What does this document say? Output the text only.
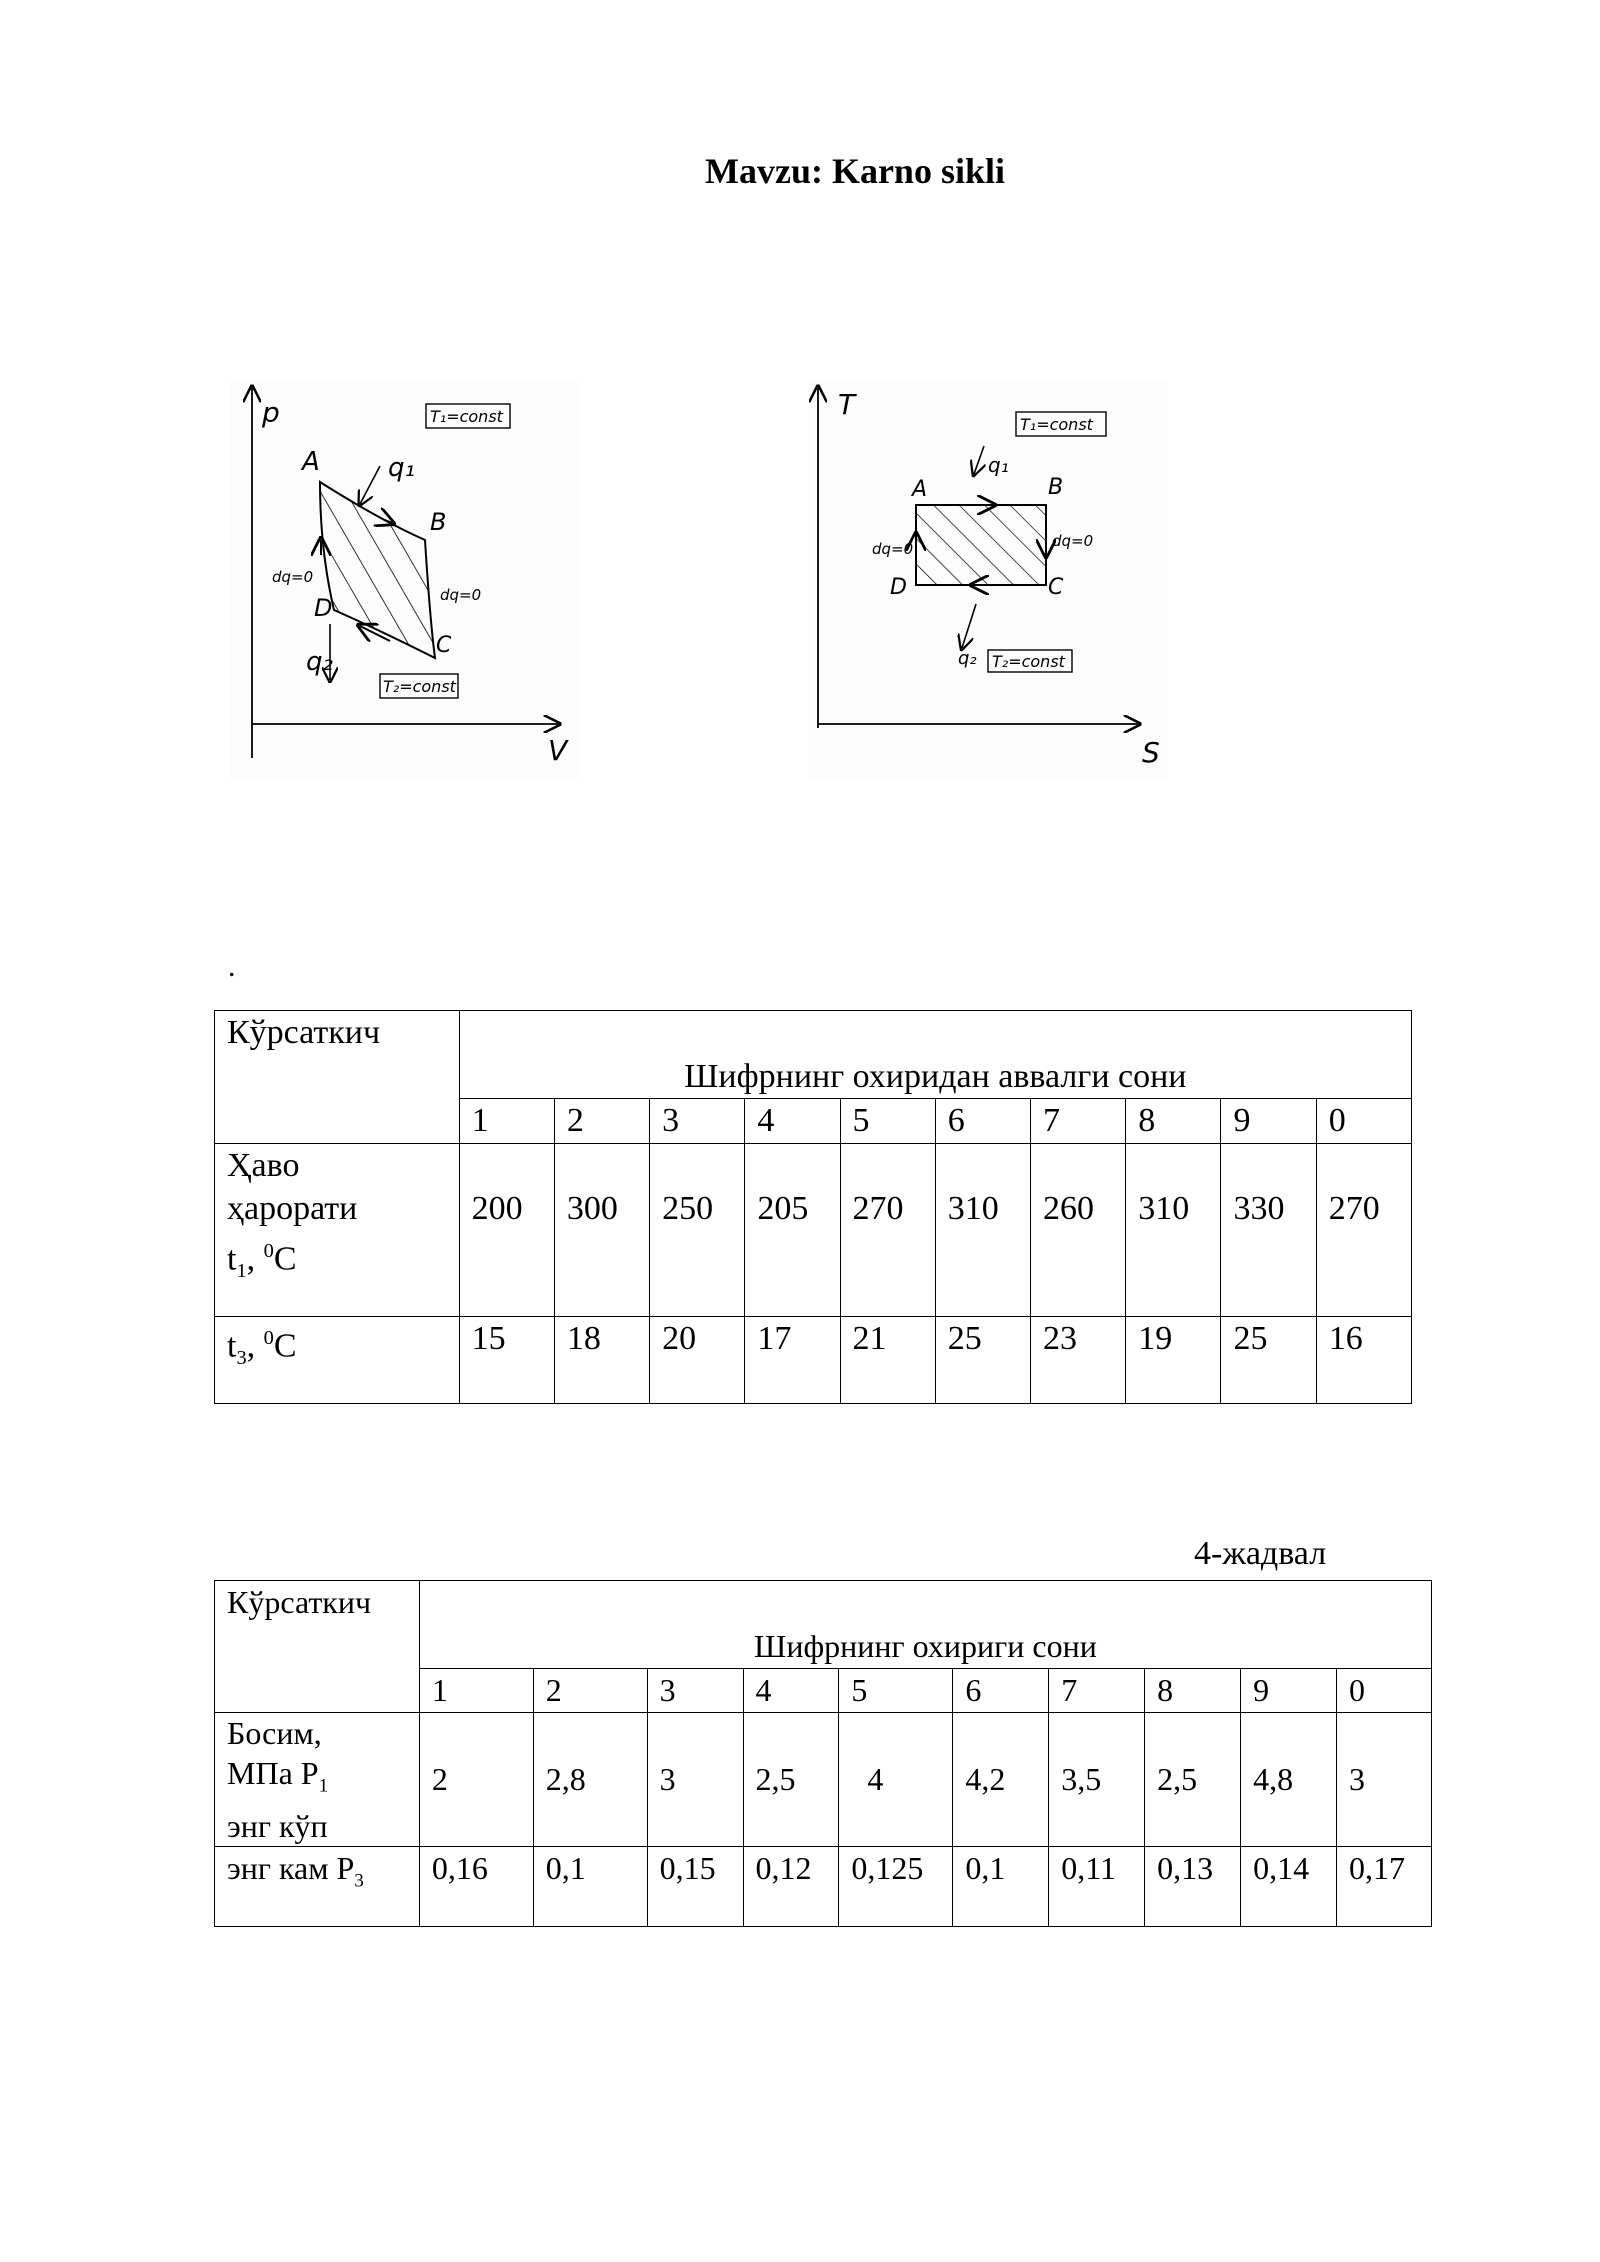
Mavzu: Karno sikli
p
V
A
B
C
D
q₁
q₂
dq=0
dq=0
T₁=const
T₂=const
T
S
A	B
C
D
q₁
q₂
dq=0	dq=0
T₁=const
T₂=const
.
Кўрсаткич	Шифрнинг охиридан аввалги сони									
	1	2	3	4	5	6	7	8	9	0
Ҳаво
ҳарорати
$t_1$, $^0$C	200	300	250	205	270	310	260	310	330	270
$t_3$, $^0$C	15	18	20	17	21	25	23	19	25	16
4-жадвал
Кўрсаткич	Шифрнинг охириги сони									
	1	2	3	4	5	6	7	8	9	0
Босим,
МПа $Р_1$
энг кўп	2	2,8	3	2,5	4	4,2	3,5	2,5	4,8	3
энг кам $Р_3$	0,16	0,1	0,15	0,12	0,125	0,1	0,11	0,13	0,14	0,17
